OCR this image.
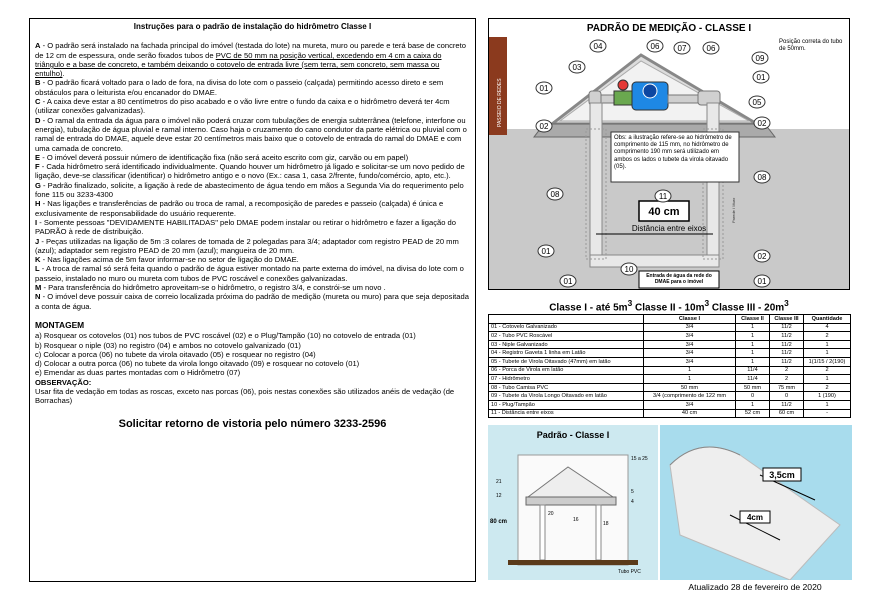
Instruções para o padrão de instalação do hidrômetro Classe I
A - O padrão será instalado na fachada principal do imóvel (testada do lote) na mureta, muro ou parede e terá base de concreto de 12 cm de espessura, onde serão fixados tubos de PVC de 50 mm na posição vertical, excedendo em 4 cm a caixa do triângulo e a base de concreto, e também deixando o cotovelo de entrada livre (sem terra, sem concreto, sem massa ou entulho).
B - O padrão ficará voltado para o lado de fora, na divisa do lote com o passeio (calçada) permitindo acesso direto e sem obstáculos para o leiturista e/ou encanador do DMAE.
C - A caixa deve estar a 80 centímetros do piso acabado e o vão livre entre o fundo da caixa e o hidrômetro deverá ter 4cm (utilizar conexões galvanizadas).
D - O ramal da entrada da água para o imóvel não poderá cruzar com tubulações de energia subterrânea (telefone, interfone ou energia), tubulação de água pluvial e ramal interno. Caso haja o cruzamento do cano condutor da parte elétrica ou pluvial com o ramal de entrada do DMAE, aquele deve estar 20 centímetros mais baixo que o cotovelo de entrada do ramal do DMAE e com uma camada de concreto.
E - O imóvel deverá possuir número de identificação fixa (não será aceito escrito com giz, carvão ou em papel)
F - Cada hidrômetro será identificado individualmente. Quando houver um hidrômetro já ligado e solicitar-se um novo pedido de ligação, deve-se classificar (identificar) o hidrômetro antigo e o novo (Ex.: casa 1, casa 2/frente, fundo/comércio, apto, etc.).
G - Padrão finalizado, solicite, a ligação à rede de abastecimento de água tendo em mãos a Segunda Via do requerimento pelo fone 115 ou 3233-4300
H - Nas ligações e transferências de padrão ou troca de ramal, a recomposição de paredes e passeio (calçada) é única e exclusivamente de responsabilidade do usuário requerente.
I - Somente pessoas "DEVIDAMENTE HABILITADAS" pelo DMAE podem instalar ou retirar o hidrômetro e fazer a ligação do PADRÃO à rede de distribuição.
J - Peças utilizadas na ligação de 5m :3 colares de tomada de 2 polegadas para 3/4; adaptador com registro PEAD de 20 mm (azul); adaptador sem registro PEAD de 20 mm (azul); mangueira de 20 mm.
K - Nas ligações acima de 5m favor informar-se no setor de ligação do DMAE.
L - A troca de ramal só será feita quando o padrão de água estiver montado na parte externa do imóvel, na divisa do lote com o passeio, instalado no muro ou mureta com tubos de PVC roscável e conexões galvanizadas.
M - Para transferência do hidrômetro aproveitam-se o hidrômetro, o registro 3/4, e constrói-se um novo .
N - O imóvel deve possuir caixa de correio localizada próxima do padrão de medição (mureta ou muro) para que seja depositada a conta de água.
MONTAGEM
a) Rosquear os cotovelos (01) nos tubos de PVC roscável (02) e o Plug/Tampão (10) no cotovelo de entrada (01)
b) Rosquear o niple (03) no registro (04) e ambos no cotovelo galvanizado (01)
c) Colocar a porca (06) no tubete da virola oitavado (05) e rosquear no registro (04)
d) Colocar a outra porca (06) no tubete da virola longo oitavado (09) e rosquear no cotovelo (01)
e) Emendar as duas partes montadas com o Hidrômetro (07)
OBSERVAÇÃO:
Usar fita de vedação em todas as roscas, exceto nas porcas (06), pois nestas conexões são utilizados anéis de vedação (de Borrachas)
Solicitar retorno de vistoria pelo número 3233-2596
PADRÃO DE MEDIÇÃO - CLASSE I
PASSEIO DE REDES
Parede / Muro
40 cm
Distância entre eixos
04	06 07	06
03
09
01
01
02	02
08
08
05
11
01
02
10
01	01
Posição correta do tubo de 50mm.
Obs: a ilustração refere-se ao hidrômetro de comprimento de 115 mm, no hidrômetro de comprimento 190 mm será utilizado em ambos os lados o tubete da virola oitavado (05).
Entrada de água da rede do DMAE para o imóvel
Classe I - até $5m^3$ Classe II - $10m^3$ Classe III - $20m^3$
	Classe I	Classe II	Classe III	Quantidade
01 - Cotovelo Galvanizado	3/4	1	11/2	4
02 - Tubo PVC Roscável	3/4	1	11/2	2
03 - Niple Galvanizado	3/4	1	11/2	1
04 - Registro Gaveta 1 linha em Latão	3/4	1	11/2	1
05 - Tubete de Virola Oitavado (47mm) em latão	3/4	1	11/2	1(1/15 / 2(190)
06 - Porca de Virola em latão	1	11/4	2	2
07 - Hidrômetro	1	11/4	2	1
08 - Tubo Camisa PVC	50 mm	50 mm	75 mm	2
09 - Tubete da Virola Longo Oitavado em latão	3/4 (comprimento de 122 mm	0	0	1 (190)
10 - Plug/Tampão	3/4	1	11/2	1
11 - Distância entre eixos	40 cm	52 cm	60 cm	-
Padrão - Classe I
15 a 25
21
12
80 cm
5
4
20
16
18
Tubo PVC
3,5cm
4cm
Atualizado 28 de fevereiro de 2020
